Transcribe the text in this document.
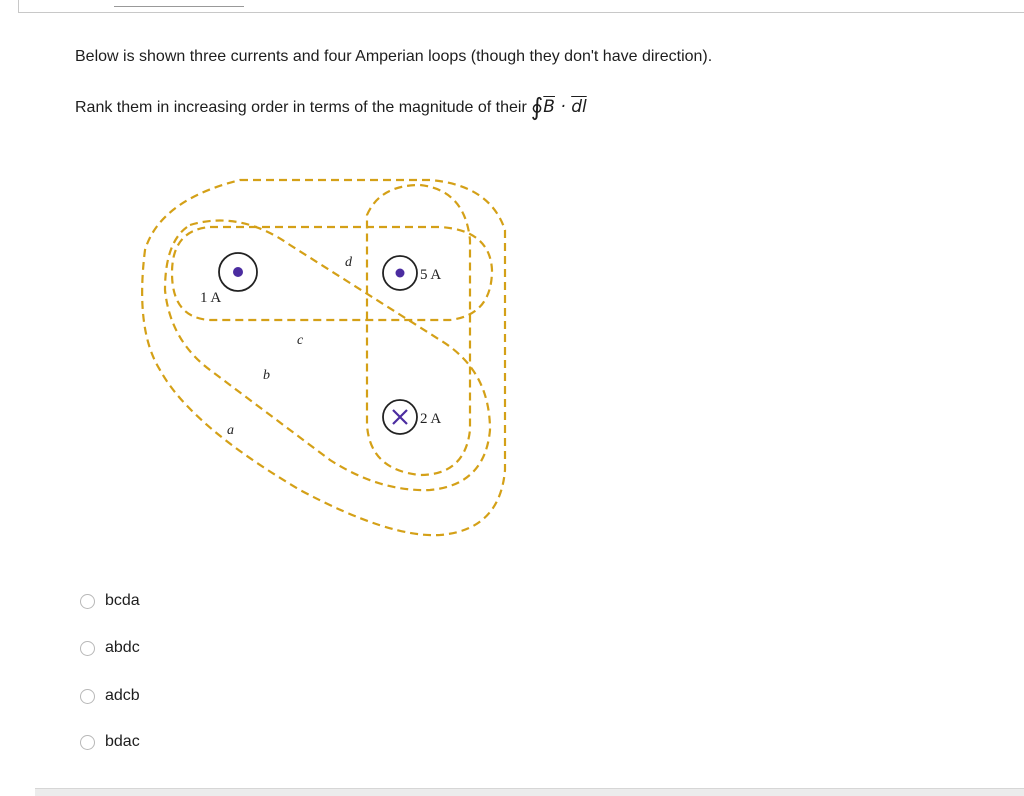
Below is shown three currents and four Amperian loops (though they don't have direction).
Rank them in increasing order in terms of the magnitude of their $∮\overline{B} \cdot \overline{dl}$
1 A
5 A
2 A
a
b
c
d
bcda
abdc
adcb
bdac
